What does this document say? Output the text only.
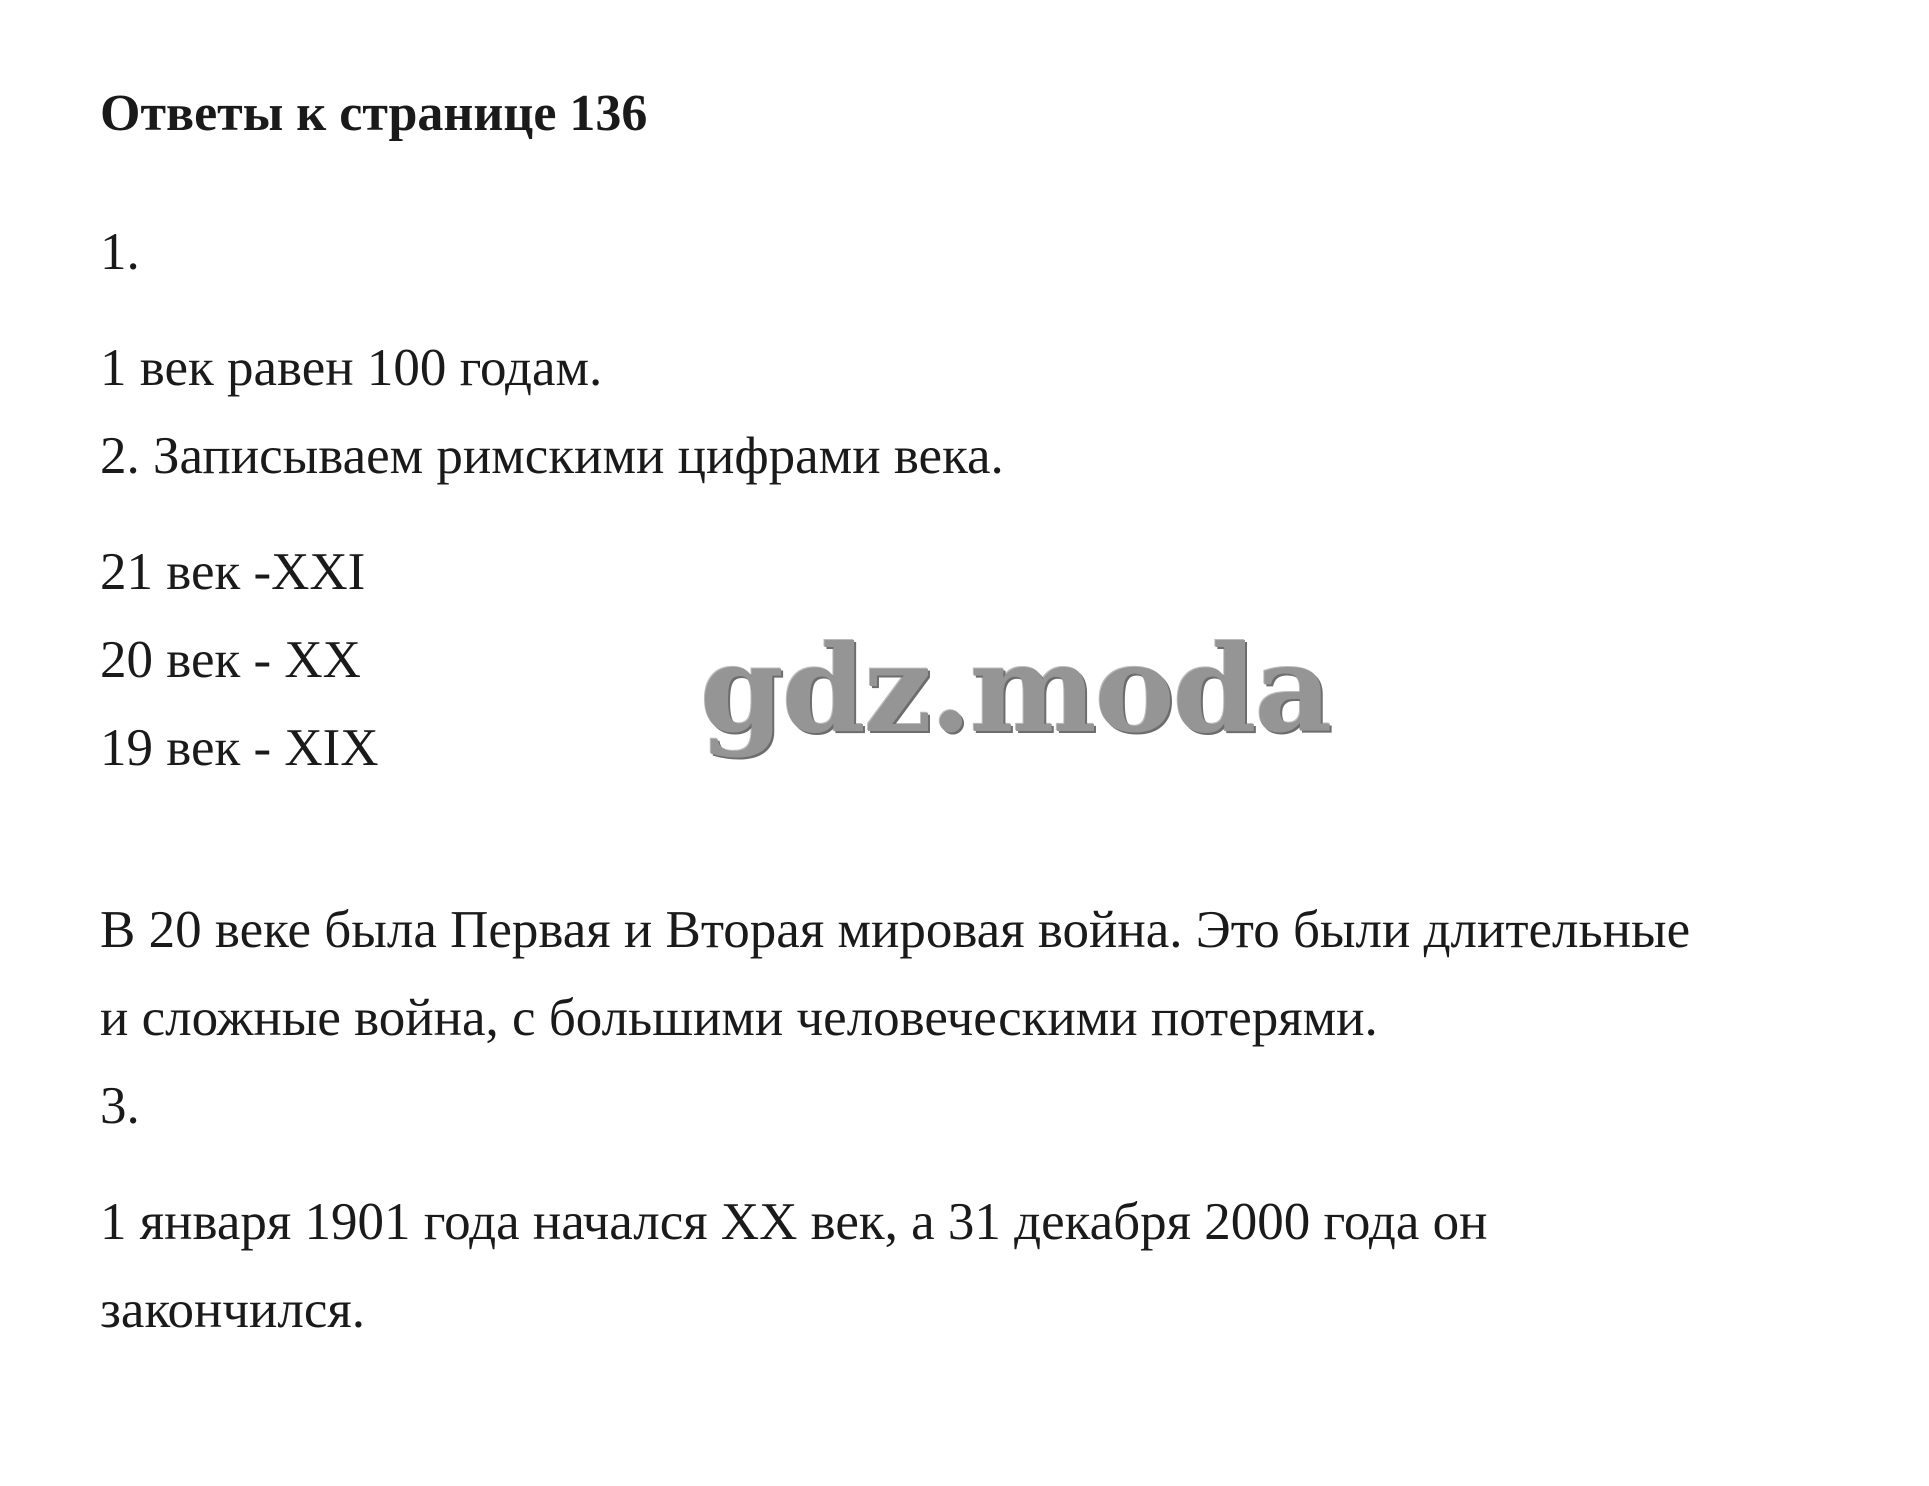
Ответы к странице 136
1.
1 век равен 100 годам.
2. Записываем римскими цифрами века.
21 век -XXI
20 век - XX
19 век - XIX	gdz.moda
В 20 веке была Первая и Вторая мировая война. Это были длительные
и сложные война, с большими человеческими потерями.
3.
1 января 1901 года начался XX век, а 31 декабря 2000 года он
закончился.
